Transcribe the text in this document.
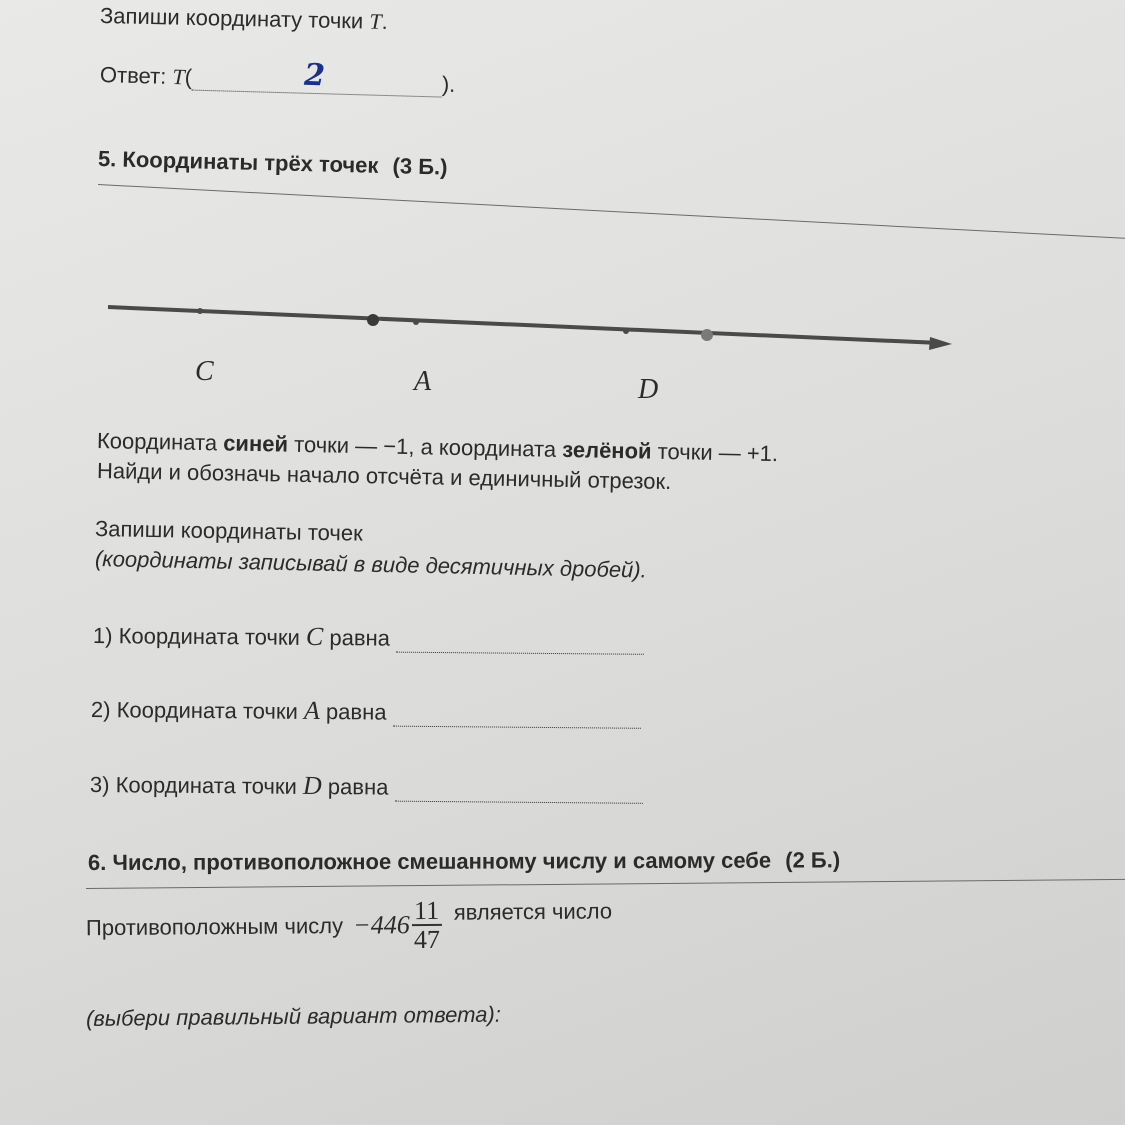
Запиши координату точки T.
Ответ: T(	2	).
5. Координаты трёх точек (3 Б.)
C	A	D
Координата синей точки — −1, а координата зелёной точки — +1.
Найди и обозначь начало отсчёта и единичный отрезок.
Запиши координаты точек
(координаты записывай в виде десятичных дробей).
1) Координата точки C равна
2) Координата точки A равна
3) Координата точки D равна
6. Число, противоположное смешанному числу и самому себе (2 Б.)
Противоположным числу $-446 \frac{11}{47}$ является число
(выбери правильный вариант ответа):
